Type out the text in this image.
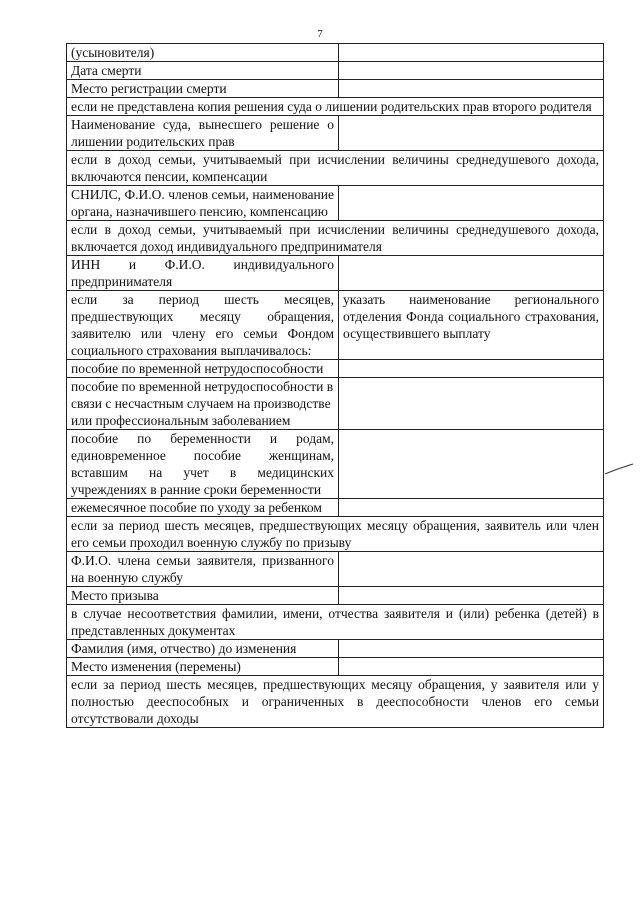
7
(усыновителя)	
Дата смерти	
Место регистрации смерти	
если не представлена копия решения суда о лишении родительских прав второго родителя	
Наименование суда, вынесшего решение о лишении родительских прав	
если в доход семьи, учитываемый при исчислении величины среднедушевого дохода, включаются пенсии, компенсации	
СНИЛС, Ф.И.О. членов семьи, наименование органа, назначившего пенсию, компенсацию	
если в доход семьи, учитываемый при исчислении величины среднедушевого дохода, включается доход индивидуального предпринимателя	
ИНН и Ф.И.О. индивидуального предпринимателя	
если за период шесть месяцев, предшествующих месяцу обращения, заявителю или члену его семьи Фондом социального страхования выплачивалось:	указать наименование регионального отделения Фонда социального страхования, осуществившего выплату
пособие по временной нетрудоспособности	
пособие по временной нетрудоспособности в связи с несчастным случаем на производстве или профессиональным заболеванием	
пособие по беременности и родам, единовременное пособие женщинам, вставшим на учет в медицинских учреждениях в ранние сроки беременности	
ежемесячное пособие по уходу за ребенком	
если за период шесть месяцев, предшествующих месяцу обращения, заявитель или член его семьи проходил военную службу по призыву	
Ф.И.О. члена семьи заявителя, призванного на военную службу	
Место призыва	
в случае несоответствия фамилии, имени, отчества заявителя и (или) ребенка (детей) в представленных документах	
Фамилия (имя, отчество) до изменения	
Место изменения (перемены)	
если за период шесть месяцев, предшествующих месяцу обращения, у заявителя или у полностью дееспособных и ограниченных в дееспособности членов его семьи отсутствовали доходы	
